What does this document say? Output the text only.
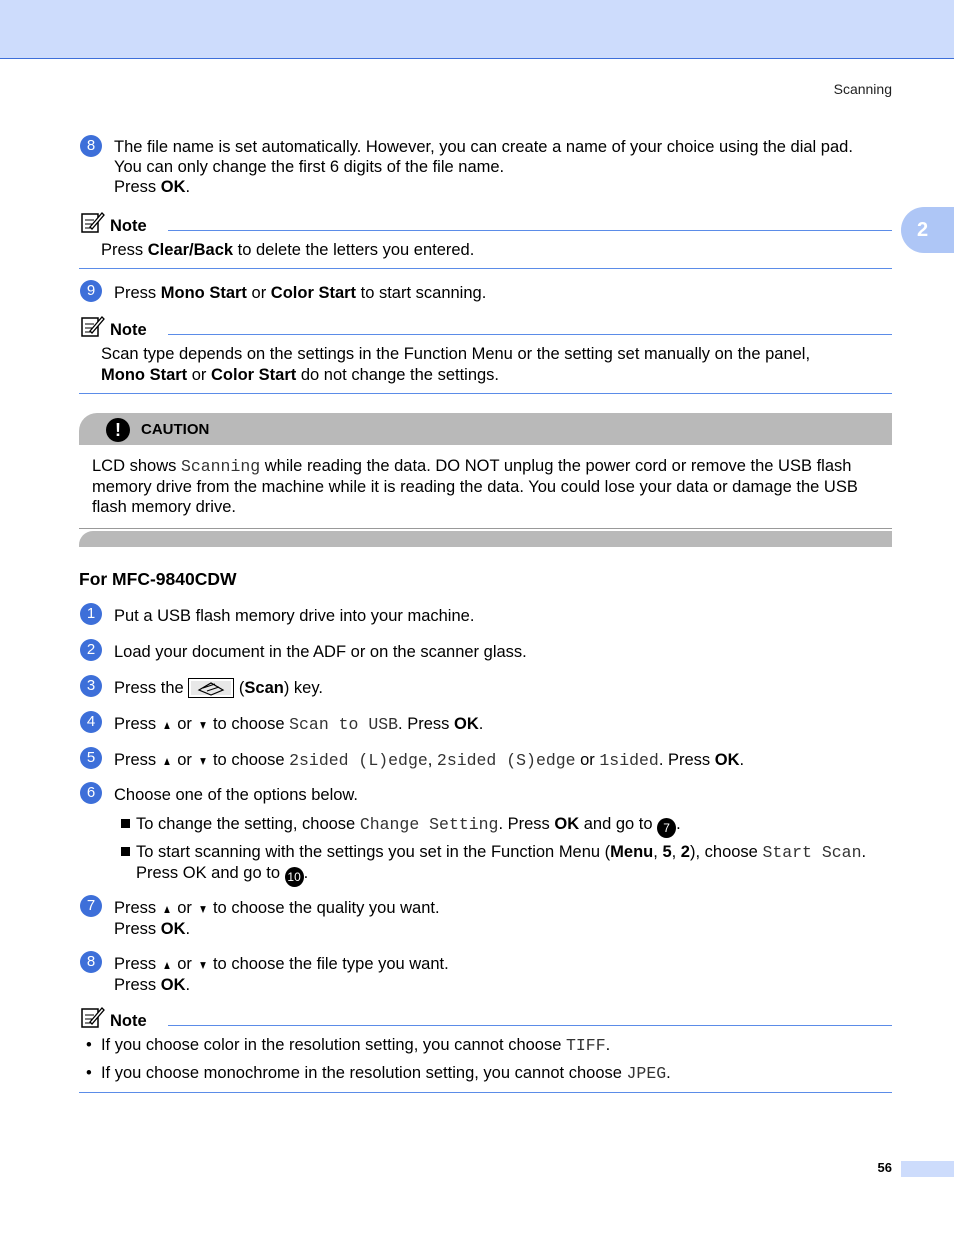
Scanning
2
8	The file name is set automatically. However, you can create a name of your choice using the dial pad.
You can only change the first 6 digits of the file name.
Press OK.
Note
Press Clear/Back to delete the letters you entered.
9	Press Mono Start or Color Start to start scanning.
Note
Scan type depends on the settings in the Function Menu or the setting set manually on the panel,
Mono Start or Color Start do not change the settings.
!	CAUTION
LCD shows Scanning while reading the data. DO NOT unplug the power cord or remove the USB flash
memory drive from the machine while it is reading the data. You could lose your data or damage the USB
flash memory drive.
For MFC-9840CDW
1	Put a USB flash memory drive into your machine.
2	Load your document in the ADF or on the scanner glass.
3	Press the	(Scan) key.
4	Press ▲ or ▼ to choose Scan to USB. Press OK.
5	Press ▲ or ▼ to choose 2sided (L)edge, 2sided (S)edge or 1sided. Press OK.
6	Choose one of the options below.
To change the setting, choose Change Setting. Press OK and go to 7 .
To start scanning with the settings you set in the Function Menu (Menu, 5, 2), choose Start Scan.
Press OK and go to 10 .
7	Press ▲ or ▼ to choose the quality you want.
Press OK.
8	Press ▲ or ▼ to choose the file type you want.
Press OK.
Note
• If you choose color in the resolution setting, you cannot choose TIFF.
• If you choose monochrome in the resolution setting, you cannot choose JPEG.
56
